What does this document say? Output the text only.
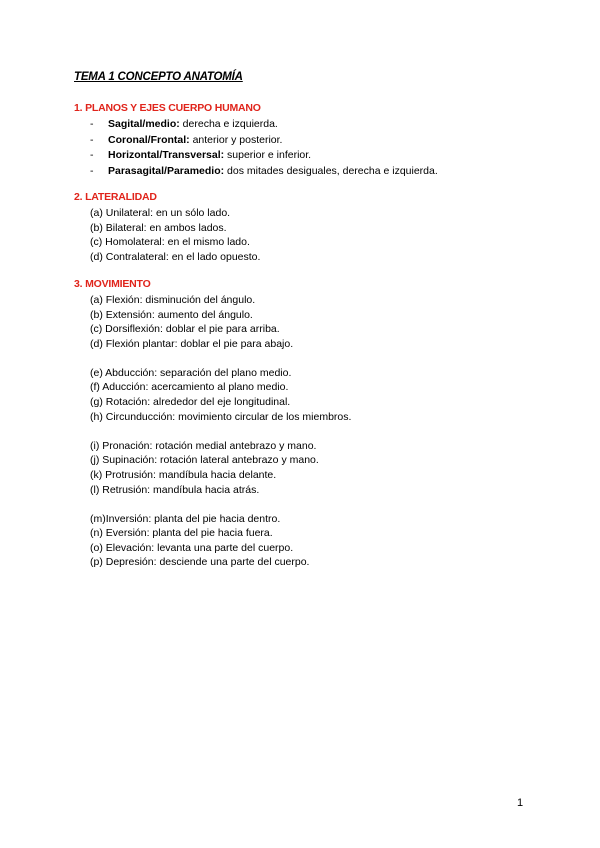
TEMA 1 CONCEPTO ANATOMÍA
1. PLANOS Y EJES CUERPO HUMANO
- Sagital/medio: derecha e izquierda.
- Coronal/Frontal: anterior y posterior.
- Horizontal/Transversal: superior e inferior.
- Parasagital/Paramedio: dos mitades desiguales, derecha e izquierda.
2. LATERALIDAD
(a) Unilateral: en un sólo lado.
(b) Bilateral: en ambos lados.
(c) Homolateral: en el mismo lado.
(d) Contralateral: en el lado opuesto.
3. MOVIMIENTO
(a) Flexión: disminución del ángulo.
(b) Extensión: aumento del ángulo.
(c) Dorsiflexión: doblar el pie para arriba.
(d) Flexión plantar: doblar el pie para abajo.
(e) Abducción: separación del plano medio.
(f) Aducción: acercamiento al plano medio.
(g) Rotación: alrededor del eje longitudinal.
(h) Circunducción: movimiento circular de los miembros.
(i) Pronación: rotación medial antebrazo y mano.
(j) Supinación: rotación lateral antebrazo y mano.
(k) Protrusión: mandíbula hacia delante.
(l) Retrusión: mandíbula hacia atrás.
(m)Inversión: planta del pie hacia dentro.
(n) Eversión: planta del pie hacia fuera.
(o) Elevación: levanta una parte del cuerpo.
(p) Depresión: desciende una parte del cuerpo.
1
